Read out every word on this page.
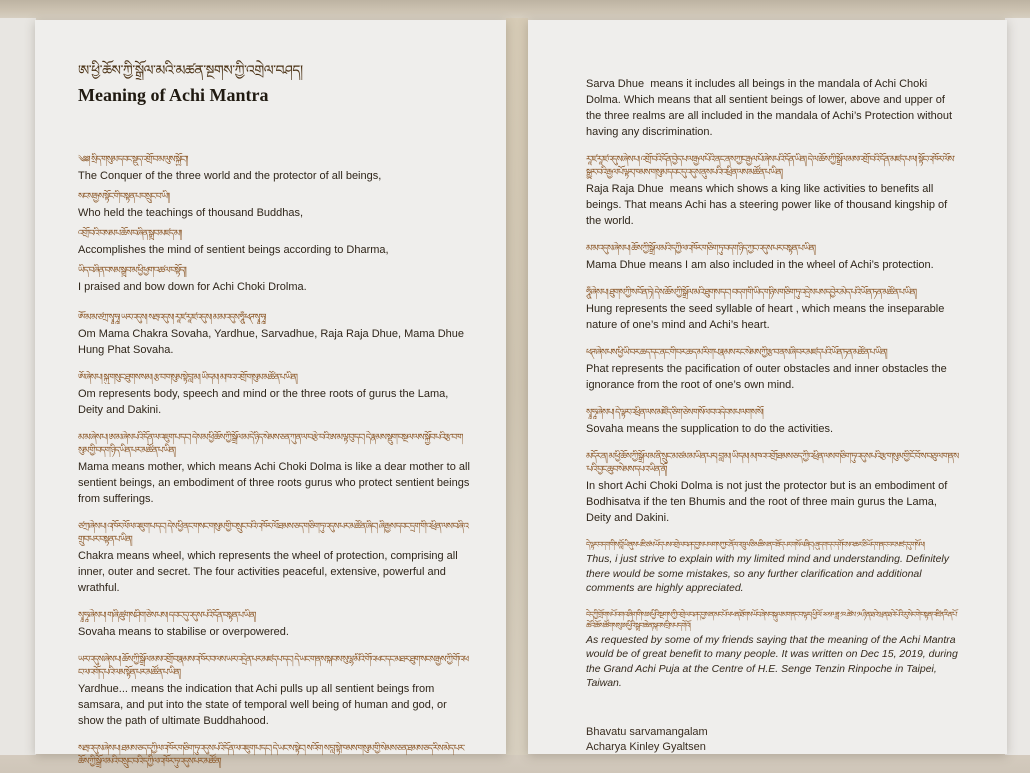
ཨ་ཕྱི་ཆོས་ཀྱི་སྒྲོལ་མའི་མཚན་སྔགས་ཀྱི་འགྲེལ་བཤད།
Meaning of Achi Mantra
༄༅། སྲིད་གསུམ་དབང་སྡུད་འགྲོ་བ་མ་ལུས་སྐྱོང་།།
The Conquer of the three world and the protector of all beings,
སངས་རྒྱས་སྟོང་གི་བསྟན་པ་བསྲུང་བ་ཡི།།
Who held the teachings of thousand Buddhas,
འགྲོ་བའི་བསམ་པ་ཆོས་བཞིན་སྒྲུབ་མཛད་མ།།
Accomplishes the mind of sentient beings according to Dharma,
ཡིད་བཞིན་བསམ་སྒྲུབ་མ་ཕྱི་ཕྱག་འཚལ་བསྟོད།།
I praised and bow down for Achi Choki Drolma.
ཨོཾ་མ་མ་ཙཀྲ་སྭཱ་ཧཱ། ཡར་འདུས། སརྦ་འདུས། རཱ་ཛ་རཱ་ཛ་འདུས། མ་མ་འདུས་ཧཱུྃ་ཕཊ་སྭཱ་ཧཱ།
Om Mama Chakra Sovaha, Yardhue, Sarvadhue, Raja Raja Dhue, Mama Dhue Hung Phat Sovaha.
ཨོཾ་ཞེས་པ། སྐུ་གསུང་ཐུགས་སམ། རྩ་བ་གསུམ་སྟེ་བླ་མ། ཡི་དམ། མཁའ་འགྲོ་གསུམ་མཚོན་པ་ཡིན།
Om represents body, speech and mind or the three roots of gurus the Lama, Deity and Dakini.
མ་མ་ཞེས་པ། ཨ་མ་ཞེས་པའི་དོན་ལ་འཇུག་པ་དང་། དེས་མ་ཕྱི་ཆོས་ཀྱི་སྒྲོལ་མ་དེ་ཉིད་སེམས་ཅན་ཀུན་ལ་བརྩེ་བའི་ཨ་མ་ལྟ་བུ་དང་། དེ་རྣམས་སྡུག་བསྔལ་ལས་སྐྱོབ་པའི་རྩ་བ་གསུམ་གྱི་བདག་ཉིད་ཡིན་པར་མཚོན་པ་ཡིན།
Mama means mother, which means Achi Choki Dolma is like a dear mother to all sentient beings, an embodiment of three roots gurus who protect sentient beings from sufferings.
ཙཀྲ་ཞེས་པ། འཁོར་ལོ་ལ་འཇུག་པ་དང་། དེས་ཕྱི་ནང་གསང་གསུམ་གྱི་བསྲུང་བའི་འཁོར་ལོ་ཐམས་ཅད་གཅིག་ཏུ་འདུས་པར་མཚོན་ཞིང་། ཞི་རྒྱས་དབང་དྲག་གི་འཕྲིན་ལས་བཞི་འགྲུབ་པར་བསྟན་པ་ཡིན།
Chakra means wheel, which represents the wheel of protection, comprising all inner, outer and secret. The four activities peaceful, extensive, powerful and wrathful.
སྭཱ་ཧཱ་ཞེས་པ། གཞི་ཚུགས་ཤིག་ཅེས་པས། དབང་དུ་འདུས་པའི་དོན་བསྟན་པ་ཡིན།
Sovaha means to stabilise or overpowered.
ཡར་འདུས་ཞེས་པ། ཆོས་ཀྱི་སྒྲོལ་མས་འགྲོ་བ་རྣམས་འཁོར་བ་ལས་ཡར་འདྲེན་པར་མཛད་པ་དང་། དེ་ཡང་གནས་སྐབས་སུ་ལྷ་མིའི་གོ་འཕང་དང་མཐར་ཐུག་སངས་རྒྱས་ཀྱི་གོ་འཕང་ལ་འགོད་པའི་ལམ་སྟོན་པར་མཚོན་པ་ཡིན།
Yardhue... means the indication that Achi pulls up all sentient beings from samsara, and put into the state of temporal well being of human and god, or show the path of ultimate Buddhahood.
སརྦ་འདུས་ཞེས་པ། ཐམས་ཅད་དཀྱིལ་འཁོར་གཅིག་ཏུ་འདུས་པའི་དོན་ལ་འཇུག་པ་དང་། དེ་ཡང་ས་སྟེང་། ས་འོག ས་བླ་སྟེ་ཁམས་གསུམ་གྱི་སེམས་ཅན་ཐམས་ཅད་རིས་མེད་པར་ཆོས་ཀྱི་སྒྲོལ་མའི་བསྲུང་བའི་དཀྱིལ་འཁོར་ཏུ་འདུས་པར་མཚོན།
Sarva Dhue  means it includes all beings in the mandala of Achi Choki Dolma. Which means that all sentient beings of lower, above and upper of the three realms are all included in the mandala of Achi’s Protection without having any discrimination.
རཱ་ཛ་རཱ་ཛ་འདུས་ཞེས་པ། འགྲོ་བའི་དོན་བྱེད་པ་ལ་རྒྱལ་པོའི་ནང་ནས་ཀྱང་རྒྱལ་པོ་ཞེས་པའི་དོན་ཡིན། དེ་ལ་ཆོས་ཀྱི་སྒྲོལ་མས་འགྲོ་བའི་དོན་མཛད་པ་ལ། སྟོང་འཁོར་ལོས་སྒྱུར་བའི་རྒྱལ་པོ་ལྟར་ཁམས་གསུམ་དབང་དུ་འདུས་ནུས་པའི་འཕྲིན་ལས་མཚོན་པ་ཡིན།
Raja Raja Dhue  means which shows a king like activities to benefits all beings. That means Achi has a steering power like of thousand kingship of the world.
མ་མ་འདུས་ཞེས་པ། ཆོས་ཀྱི་སྒྲོལ་མའི་དཀྱིལ་འཁོར་གཅིག་ཏུ་བདག་ཉིད་ཀྱང་འདུས་པར་བསྟན་པ་ཡིན།
Mama Dhue means I am also included in the wheel of Achi’s protection.
ཧཱུྃ་ཞེས་པ། ཐུགས་ཀྱི་ས་བོན་ཏེ། དེས་ཆོས་ཀྱི་སྒྲོལ་མའི་ཐུགས་དང་། བདག་གི་ཡིད་གཉིས་གཅིག་ཏུ་འདྲེས་པས་དབྱེར་མེད་པའི་ཡོན་ཏན་མཚོན་པ་ཡིན།
Hung represents the seed syllable of heart , which means the inseparable nature of one’s mind and Achi’s heart.
ཕཊ་ཞེས་པས་ཕྱི་ཡི་བར་ཆད་དང་ནང་གི་བར་ཆད་མ་རིག་པ་རྣམས་རང་སེམས་ཀྱི་རྩ་བ་ནས་ཞི་བར་མཛད་པའི་ཡོན་ཏན་མཚོན་པ་ཡིན།
Phat represents the pacification of outer obstacles and inner obstacles the ignorance from the root of one’s own mind.
སྭཱ་ཧཱ་ཞེས་པ། དེ་ལྟར་འཕྲིན་ལས་མཛོད་ཅིག་ཅེས་གསོལ་བ་འདེབས་པ་ལགས་སོ།
Sovaha means the supplication to do the activities.
མདོར་ན། མ་ཕྱི་ཆོས་ཀྱི་སྒྲོལ་མ་ནི་སྲུང་མ་ཙམ་མ་ཡིན་པར། བླ་མ། ཡི་དམ། མཁའ་འགྲོ་ཐམས་ཅད་ཀྱི་འཕྲིན་ལས་གཅིག་ཏུ་འདུས་པའི་རྩ་གསུམ་གྱི་ངོ་བོ་ས་བཅུ་ལ་གནས་པའི་བྱང་ཆུབ་སེམས་དཔའ་ཡིན་ནོ།
In short Achi Choki Dolma is not just the protector but is an embodiment of Bodhisatva if the ten Bhumis and the root of three main gurus the Lama, Deity and Dakini.
དེ་ལྟར་བདག་གིས་བློ་ཡི་ནུས་པ་ཇི་ཙམ་ཡོད་པས་འགྲེལ་བཤད་བྱས་པ་ལགས་ཀྱང་ནོར་འཁྲུལ་ཅི་མཆིས་ན་བཟོད་པར་གསོལ་ཞིང་། ཞུ་དག་དང་དགོངས་འཆར་ཅི་ཡོད་གནང་བར་མཛད་དུ་གསོལ།
Thus, i just strive to explain with my limited mind and understanding. Definitely there would be some mistakes, so any further clarification and additional comments are highly appreciated.
ངེད་ཀྱི་གྲོགས་པོ་འགའ་ཞིག་གིས་ཨ་ཕྱིའི་སྔགས་ཀྱི་འགྲེལ་བཤད་བྱས་ན་མང་པོ་ལ་ཕན་ཐོགས་ཡོང་ཞེས་བསྐུལ་མ་གནང་བ་ལྟར། ཕྱི་ལོ་ ༢༠༡༩ ཟླ་ ༡༢ ཚེས་ ༡༥ ཉིན་ཐའེ་ཝན་ཐའེ་པེའི་རུ་སེང་གེ་བསྟན་འཛིན་རིན་པོ་ཆེའི་ཆོས་ཚོགས་སུ་ཨ་ཕྱིའི་སྒྲུབ་ཆེན་སྐབས་བྲིས་པ་དགེའོ།
As requested by some of my friends saying that the meaning of the Achi Mantra would be of great benefit to many people. It was written on Dec 15, 2019, during the Grand Achi Puja at the Centre of H.E. Senge Tenzin Rinpoche in Taipei, Taiwan.
Bhavatu sarvamangalam
Acharya Kinley Gyaltsen
